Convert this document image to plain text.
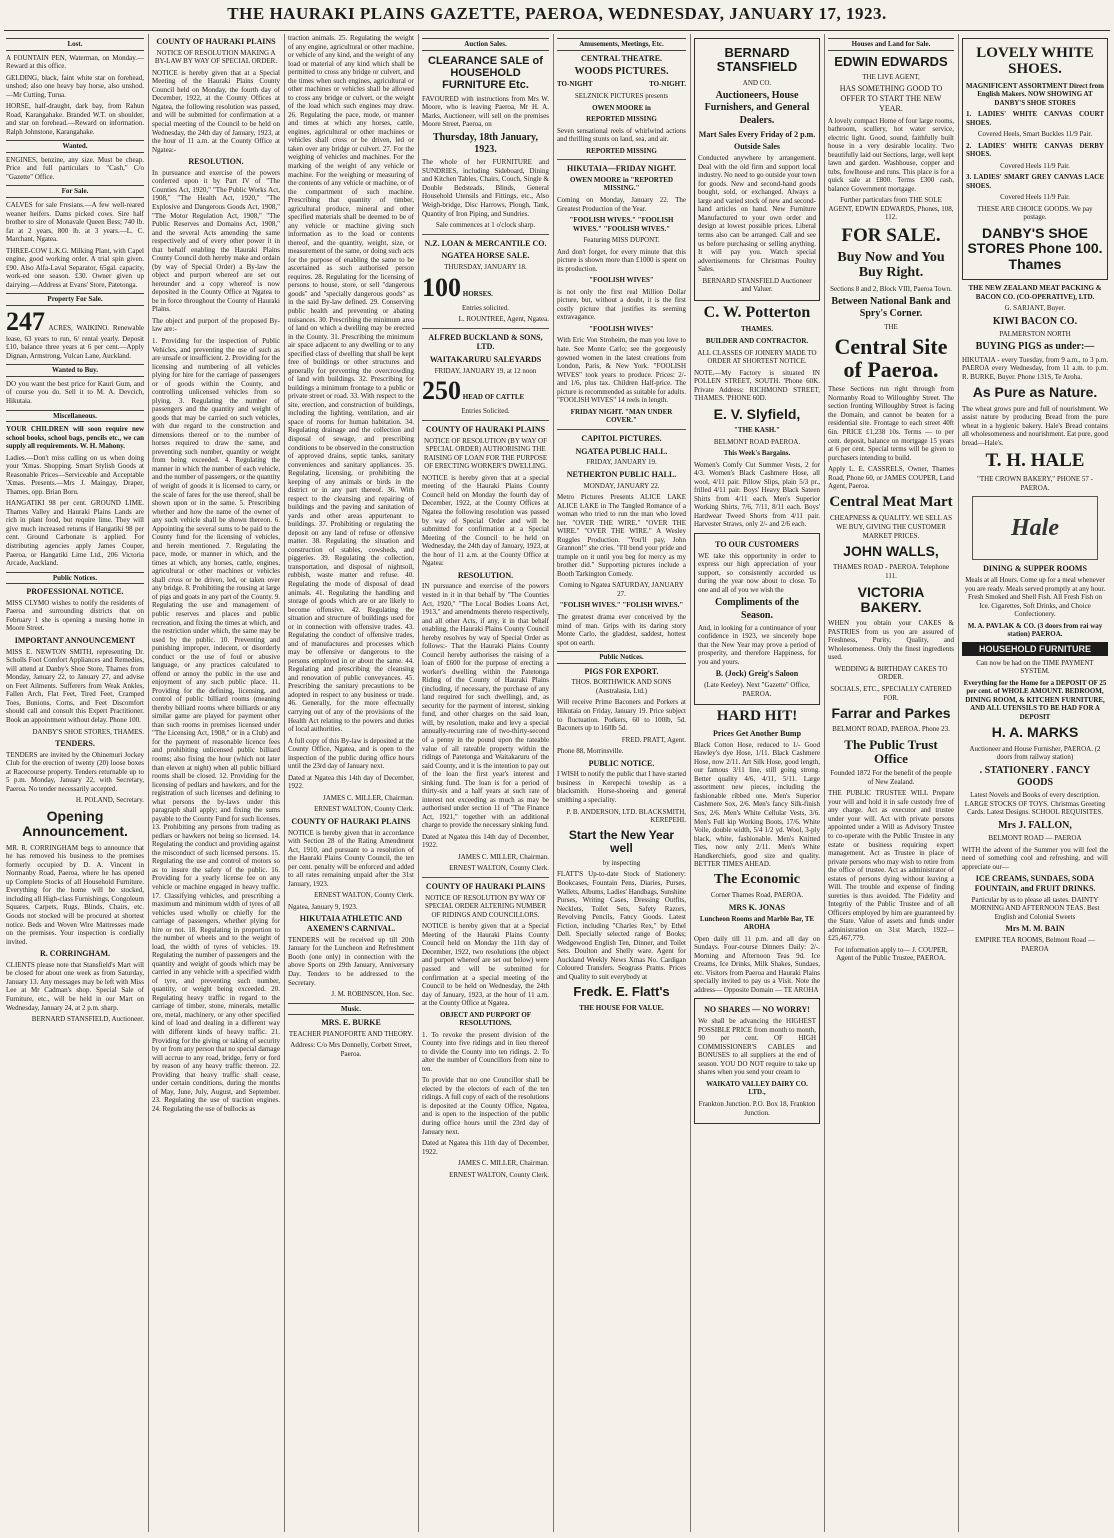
THE HAURAKI PLAINS GAZETTE, PAEROA, WEDNESDAY, JANUARY 17, 1923.
Lost.

A FOUNTAIN PEN, Waterman, on Monday.—Reward at this office.

GELDING, black, faint white star on forehead, unshod; also one heavy bay horse, also unshod.—Mr Cutting, Turua.

HORSE, half-draught, dark bay, from Rahun Road, Karangahake. Branded W.T. on shoulder, and star on forehead.—Reward on information. Ralph Johnstone, Karangahake.

Wanted.

ENGINES, benzine, any size. Must be cheap. Price and full particulars to "Cash," C/o "Gazette" Office.

For Sale.

CALVES for sale Fresians.—A few well-reared weaner heifers. Dams picked cows. Sire half brother to sire of Monavale Queen Bess; 740 lb. fat at 2 years, 800 lb. at 3 years.—L. C. Marchant, Ngatea.

THREE-COW L.K.G. Milking Plant, with Capel engine, good working order. A trial spin given. £90. Also Alfa-Laval Separator, 65gal. capacity, work-ed one season. £30. Owner given up dairying.—Address at Evans' Store, Patetonga.

Property For Sale.

247 ACRES, WAIKINO. Renewable lease, 63 years to run, 6/ rental yearly. Deposit £10, balance three years at 6 per cent.—Apply Dignan, Armstrong, Vulcan Lane, Auckland.

Wanted to Buy.

DO you want the best price for Kauri Gum, and of course you do. Sell it to M. A. Devcich, Hikutaia.

Miscellaneous.

YOUR CHILDREN will soon require new school books, school bags, pencils etc., we can supply all requirements. W. H. Mahony.

Ladies.—Don't miss calling on us when doing your 'Xmas. Shopping. Smart Stylish Goods at Reasonable Prices—Serviceable and Acceptable 'Xmas. Presents.—Mrs J. Maingay, Draper, Thames, opp. Brian Boru.

HANGATIKI 98 per cent. GROUND LIME. Thames Valley and Hauraki Plains Lands are rich in plant food, but require lime. They will give much increased returns if Hangatiki 98 per cent. Ground Carbonate is applied. For distributing agencies apply James Couper, Paeroa, or Hangatiki Lime Ltd., 206 Victoria Arcade, Auckland.

Public Notices.
PROFESSIONAL NOTICE.

MISS CLYMO wishes to notify the residents of Paeroa and surrounding districts that on February 1 she is opening a nursing home in Moore Street.

IMPORTANT ANNOUNCEMENT

MISS E. NEWTON SMITH, representing Dr. Scholls Foot Comfort Appliances and Remedies, will attend at Danby's Shoe Store, Thames from Monday, January 22, to January 27, and advise on Feet Ailments. Sufferers from Weak Ankles, Fallen Arch, Flat Feet, Tired Feet, Cramped Toes, Bunions, Corns, and Feet Discomfort should call and consult this Expert Practitioner. Book an appointment without delay. Phone 100.

DANBY'S SHOE STORES, THAMES.
TENDERS.

TENDERS are invited by the Ohinemuri Jockey Club for the erection of twenty (20) loose boxes at Racecourse property. Tenders returnable up to 5 p.m. Monday, January 22, with Secretary, Paeroa. No tender necessarily accepted.

H. POLAND, Secretary.
Opening Announcement.

MR. R. CORRINGHAM begs to announce that he has removed his business to the premises formerly occupied by D. A. Vincent in Normanby Road, Paeroa, where he has opened up Complete Stocks of all Household Furniture. Everything for the home will be stocked, including all High-class Furnishings, Congoleum Squares, Carpets, Rugs, Blinds, Chairs, etc. Goods not stocked will be procured at shortest notice. Beds and Woven Wire Mattresses made on the premises. Your inspection is cordially invited.

R. CORRINGHAM.

CLIENTS please note that Stansfield's Mart will be closed for about one week as from Saturday, January 13. Any messages may be left with Miss Lee at Mr Cadman's shop. Special Sale of Furniture, etc., will be held in our Mart on Wednesday, January 24, at 2 p.m. sharp.

BERNARD STANSFIELD, Auctioneer.
COUNTY OF HAURAKI PLAINS

NOTICE OF RESOLUTION MAKING A BY-LAW BY WAY OF SPECIAL ORDER.

NOTICE is hereby given that at a Special Meeting of the Hauraki Plains County Council held on Monday, the fourth day of December, 1922, at the County Offices at Ngatea, the following resolution was passed, and will be submitted for confirmation at a special meeting of the Council to be held on Wednesday, the 24th day of January, 1923, at the hour of 11 a.m. at the County Office at Ngatea:-

RESOLUTION.

In pursuance and exercise of the powers conferred upon it by Part IV of "The Counties Act, 1920," "The Public Works Act, 1908," "The Health Act, 1920," "The Explosive and Dangerous Goods Act, 1908," "The Motor Regulation Act, 1908," "The Public Reserves and Domains Act, 1908," and the several Acts amending the same respectively and of every other power it in that behalf enabling the Hauraki Plains County Council doth hereby make and ordain (by way of Special Order) a By-law the object and purport whereof are set out hereunder and a copy whereof is now deposited in the County Office at Ngatea to be in force throughout the County of Hauraki Plains.

The object and purport of the proposed By-law are:-

1. Providing for the inspection of Public Vehicles, and preventing the use of such as are unsafe or insufficient. 2. Providing for the licensing and numbering of all vehicles plying for hire for the carriage of passengers or of goods within the County, and controlling unlicensed vehicles from so plying. 3. Regulating the number of passengers and the quantity and weight of goods that may be carried on such vehicles, with due regard to the construction and dimensions thereof or to the number of horses required to draw the same, and preventing such number, quantity or weight from being exceeded. 4. Regulating the manner in which the number of each vehicle, and the number of passengers, or the quantity of weight of goods it is licensed to carry, or the scale of fares for the use thereof, shall be shown upon or in the same. 5. Prescribing whether and how the name of the owner of any such vehicle shall be shown thereon. 6. Appointing the several sums to be paid to the County fund for the licensing of vehicles, and herein mentioned. 7. Regulating the pace, mode, or manner in which, and the times at which, any horses, cattle, engines, agricultural or other machines or vehicles shall cross or be driven, led, or taken over any bridge. 8. Prohibiting the rousing at large of pigs and goats in any part of the County. 9. Regulating the use and management of public reserves and places and public recreation, and fixing the times at which, and the restriction under which, the same may be used by the public. 10. Preventing and punishing improper, indecent, or disorderly conduct or the use of foul or abusive language, or any practices calculated to offend or annoy the public in the use and enjoyment of any such public place. 11. Providing for the defining, licensing, and control of public billiard rooms (meaning thereby billiard rooms where billiards or any similar game are played for payment other than such rooms in premises licensed under "The Licensing Act, 1908," or in a Club) and for the payment of reasonable licence fees and prohibiting unlicensed public billiard rooms; also fixing the hour (which not later than eleven at night) when all public billiard rooms shall be closed. 12. Providing for the licensing of pedlars and hawkers, and for the registration of such licenses and defining to what persons the by-laws under this paragraph shall apply; and fixing the sums payable to the County Fund for such licenses. 13. Prohibiting any persons from trading as pedlars or hawkers not being so licensed. 14. Regulating the conduct and providing against the misconduct of such licensed persons. 15. Regulating the use and control of motors so as to insure the safety of the public. 16. Providing for a yearly license fee on any vehicle or machine engaged in heavy traffic. 17. Classifying vehicles, and prescribing a maximum and minimum width of tyres of all vehicles used wholly or chiefly for the carriage of passengers, whether plying for hire or not. 18. Regulating in proportion to the number of wheels and to the weight of load, the width of tyres of vehicles. 19. Regulating the number of passengers and the quantity and weight of goods which may be carried in any vehicle with a specified width of tyre, and preventing such number, quantity, or weight being exceeded. 20. Regulating heavy traffic in regard to the carriage of timber, stone, minerals, metallic ore, metal, machinery, or any other specified kind of load and dealing in a different way with different kinds of heavy traffic. 21. Providing for the giving or taking of security by or from any person that no special damage will accrue to any road, bridge, ferry or ford by reason of any heavy traffic thereon. 22. Providing that heavy traffic shall cease, under certain conditions, during the months of May, June, July, August, and September. 23. Regulating the use of traction engines. 24. Regulating the use of bullocks as

traction animals. 25. Regulating the weight of any engine, agricultural or other machine, or vehicle of any kind, and the weight of any load or material of any kind which shall be permitted to cross any bridge or culvert, and the times when such engines, agricultural or other machines or vehicles shall be allowed to cross any bridge or culvert, or the weight of the load which such engines may draw. 26. Regulating the pace, mode, or manner and times at which any horses, cattle, engines, agricultural or other machines or vehicles shall cross or be driven, led or taken over any bridge or culvert. 27. For the weighing of vehicles and machines. For the marking of the weight of any vehicle or machine. For the weighing or measuring of the contents of any vehicle or machine, or of the compartment of such machine. Prescribing that quantity of timber, agricultural produce, mineral and other specified materials shall be deemed to be of any vehicle or machine giving such information as to the load or contents thereof, and the quantity, weight, size, or measurement of the same, or doing such acts for the purpose of enabling the same to be ascertained as such authorised person requires. 28. Regulating for the licensing of persons to house, store, or sell "dangerous goods" and "specially dangerous goods" as in the said By-law defined. 29. Conserving public health and preventing or abating nuisances. 30. Prescribing the minimum area of land on which a dwelling may be erected in the County. 31. Prescribing the minimum air space adjacent to any dwelling or to any specified class of dwelling that shall be kept free of buildings or other structures and generally for preventing the overcrowding of land with buildings. 32. Prescribing for buildings a minimum frontage to a public or private street or road. 33. With respect to the site, erection, and construction of buildings, including the lighting, ventilation, and air space of rooms for human habitation. 34. Regulating drainage and the collection and disposal of sewage, and prescribing conditions to be observed in the construction of approved drains, septic tanks, sanitary conveniences and sanitary appliances. 35. Regulating, licensing, or prohibiting the keeping of any animals or birds in the district or in any part thereof. 36. With respect to the cleansing and repairing of buildings and the paving and sanitation of yards and other areas appurtenant to buildings. 37. Prohibiting or regulating the deposit on any land of refuse or offensive matter. 38. Regulating the situation and construction of stables, cowsheds, and piggeries. 39. Regulating the collection, transportation, and disposal of nightsoil, rubbish, waste matter and refuse. 40. Regulating the mode of disposal of dead animals. 41. Regulating the handling and storage of goods which are or are likely to become offensive. 42. Regulating the situation and structure of buildings used for or in connection with offensive trades. 43. Regulating the conduct of offensive trades, and of manufactures and processes which may be offensive or dangerous to the persons employed in or about the same. 44. Regulating and prescribing the cleansing and renovation of public conveyances. 45. Prescribing the sanitary precautions to be adopted in respect to any business or trade. 46. Generally, for the more effectually carrying out of any of the provisions of the Health Act relating to the powers and duties of local authorities.

A full copy of this By-law is deposited at the County Office, Ngatea, and is open to the inspection of the public during office hours until the 23rd day of January next.

Dated at Ngatea this 14th day of December, 1922.

JAMES C. MILLER, Chairman.
ERNEST WALTON, County Clerk.
COUNTY OF HAURAKI PLAINS

NOTICE is hereby given that in accordance with Section 28 of the Rating Amendment Act, 1910, and pursuant to a resolution of the Hauraki Plains County Council, the ten per cent. penalty will be enforced and added to all rates remaining unpaid after the 31st January, 1923.

ERNEST WALTON, County Clerk.

Ngatea, January 9, 1923.

HIKUTAIA ATHLETIC AND AXEMEN'S CARNIVAL.

TENDERS will be received up till 20th January for the Luncheon and Refreshment Booth (one only) in connection with the above Sports on 29th January, Anniversary Day. Tenders to be addressed to the Secretary.

J. M. ROBINSON, Hon. Sec.
Music.
MRS. E. BURKE

TEACHER PIANOFORTE AND THEORY.

Address: C/o Mrs Donnelly, Corbett Street, Paeroa.

Auction Sales.
CLEARANCE SALE of HOUSEHOLD FURNITURE Etc.

FAVOURED with instructions from Mrs W. Moore, who is leaving Paeroa, Mr H. A. Marks, Auctioneer, will sell on the premises Moore Street, Paeroa, on

Thursday, 18th January, 1923.

The whole of her FURNITURE and SUNDRIES, including Sideboard, Dining and Kitchen Tables, Chairs, Couch, Single & Double Bedsteads, Blinds, General Household Utensils and Fittings, etc., Also Weigh-bridge, Disc Harrows, Plough, Tank, Quantity of Iron Piping, and Sundries.

Sale commences at 1 o'clock sharp.

N.Z. LOAN & MERCANTILE CO.
NGATEA HORSE SALE.

THURSDAY, JANUARY 18.

100 HORSES.

Entries solicited.

L. ROUNTREE, Agent, Ngatea.
ALFRED BUCKLAND & SONS, LTD.
WAITAKARURU SALEYARDS

FRIDAY, JANUARY 19, at 12 noon

250 HEAD OF CATTLE

Entries Solicited.

COUNTY OF HAURAKI PLAINS

NOTICE OF RESOLUTION (BY WAY OF SPECIAL ORDER) AUTHORISING THE RAISING OF LOAN FOR THE PURPOSE OF ERECTING WORKER'S DWELLING.

NOTICE is hereby given that at a special meeting of the Hauraki Plains County Council held on Monday the fourth day of December, 1922, at the County Offices at Ngatea the following resolution was passed by way of Special Order and will be submitted for confirmation at a Special Meeting of the Council to be held on Wednesday, the 24th day of January, 1923, at the hour of 11 a.m. at the County Office at Ngatea:

RESOLUTION.

IN pursuance and exercise of the powers vested in it in that behalf by "The Counties Act, 1920," "The Local Bodies Loans Act, 1913," and amendments thereto respectively, and all other Acts, if any, it in that behalf enabling, the Hauraki Plains County Council hereby resolves by way of Special Order as follows:- That the Hauraki Plains County Council hereby authorises the raising of a loan of £600 for the purpose of erecting a worker's dwelling within the Patetonga Riding of the County of Hauraki Plains (including, if necessary, the purchase of any land required for such dwelling), and, as security for the payment of interest, sinking fund, and other charges on the said loan, will, by resolution, make and levy a special annually-recurring rate of two-thirty-second of a penny in the pound upon the rateable value of all rateable property within the ridings of Patetonga and Waitakaruru of the said County, and it is the intention to pay out of the loan the first year's interest and sinking fund. The loan is for a period of thirty-six and a half years at such rate of interest not exceeding as much as may be authorised under section 11 of "The Finance Act, 1921," together with an additional charge to provide the necessary sinking fund.

Dated at Ngatea this 14th day of December, 1922.

JAMES C. MILLER, Chairman.
ERNEST WALTON, County Clerk.
COUNTY OF HAURAKI PLAINS

NOTICE OF RESOLUTION BY WAY OF SPECIAL ORDER ALTERING NUMBER OF RIDINGS AND COUNCILLORS.

NOTICE is hereby given that at a Special Meeting of the Hauraki Plains County Council held on Monday the 11th day of December, 1922, two resolutions (the object and purport whereof are set out below) were passed and will be submitted for confirmation at a special meeting of the Council to be held on Wednesday, the 24th day of January, 1923, at the hour of 11 a.m. at the County Office at Ngatea.

OBJECT AND PURPORT OF RESOLUTIONS.

1. To revoke the present division of the County into five ridings and in lieu thereof to divide the County into ten ridings. 2. To alter the number of Councillors from nine to ten.

To provide that no one Councillor shall be elected by the electors of each of the ten ridings. A full copy of each of the resolutions is deposited at the County Office, Ngatea, and is open to the inspection of the public during office hours until the 23rd day of January next.

Dated at Ngatea this 11th day of December, 1922.

JAMES C. MILLER, Chairman.
ERNEST WALTON, County Clerk.
Amusements, Meetings, Etc.
CENTRAL THEATRE.
WOODS PICTURES.

TO-NIGHT	TO-NIGHT.

SELZNICK PICTURES presents

OWEN MOORE in

REPORTED MISSING

Seven sensational reels of whirlwind actions and thrilling stunts on land, sea, and air.

REPORTED MISSING

HIKUTAIA—FRIDAY NIGHT.

OWEN MOORE in "REPORTED MISSING."

Coming on Monday, January 22. The Greatest Production of the Year.

"FOOLISH WIVES." "FOOLISH WIVES." "FOOLISH WIVES."

Featuring MISS DUPONT.

And don't forget, for every minute that this picture is shown more than £1000 is spent on its production.

"FOOLISH WIVES"

is not only the first real Million Dollar picture, but, without a doubt, it is the first costly picture that justifies its seeming extravagance.

"FOOLISH WIVES"

With Eric Von Stroheim, the man you love to hate. See Monte Carlo; see the gorgeously gowned women in the latest creations from London, Paris, & New York. "FOOLISH WIVES" took years to produce. Prices: 2/- and 1/6, plus tax. Children Half-price. The picture is recommended as suitable for adults. "FOOLISH WIVES" 14 reels in length.

FRIDAY NIGHT. "MAN UNDER COVER."

CAPITOL PICTURES.
NGATEA PUBLIC HALL.

FRIDAY, JANUARY 19.

NETHERTON PUBLIC HALL.

MONDAY, JANUARY 22.

Metro Pictures Presents ALICE LAKE ALICE LAKE in The Tangled Romance of a woman who tried to run the man who loved her. "OVER THE WIRE." "OVER THE WIRE." "OVER THE WIRE." A Wesley Ruggles Production. "You'll pay, John Grannon!" she cries. "I'll bend your pride and trample on it until you beg for mercy as my brother did." Supporting pictures include a Booth Tarkington Comedy.

Coming to Ngatea SATURDAY, JANUARY 27.

"FOLISH WIVES." "FOLISH WIVES."

The greatest drama ever conceived by the mind of man. Grips with its daring story Monte Carlo, the gladdest, saddest, hottest spot on earth.

Public Notices.
PIGS FOR EXPORT.

THOS. BORTHWICK AND SONS (Australasia, Ltd.)

Will receive Prime Baconers and Porkers at Hikutaia on Friday, January 19. Price subject to fluctuation. Porkers, 60 to 100lb, 5d. Baconers up to 160lb 5d.

FRED. PRATT, Agent.

Phone 88, Morrinsville.

PUBLIC NOTICE.

I WISH to notify the public that I have started business in Kerepechi towship as a blacksmith. Horse-shoeing and general smithing a speciality.

P. B. ANDERSON, LTD. BLACKSMITH, KEREPEHI.
Start the New Year well

by inspecting

FLATT'S Up-to-date Stock of Stationery: Bookcases, Fountain Pens, Diaries, Purses, Wallets, Albums, Ladies' Handbags, Sunshine Purses, Writing Cases, Dressing Outfits, Necklets, Toilet Sets, Safety Razors, Revolving Pencils, Fancy Goods. Latest Fiction, including "Charles Rex," by Ethel Dell. Specially selected range of Books; Wedgewood English Ten, Dinner, and Toilet Sets. Doulton and Shelly ware. Agent for Auckland Weekly News Xmas No. Cardigan Coloured Transfers. Seagrass Prams. Prices and Quality to suit everybody at

Fredk. E. Flatt's

THE HOUSE FOR VALUE.

BERNARD STANSFIELD

AND CO.

Auctioneers, House Furnishers, and General Dealers.
Mart Sales Every Friday of 2 p.m.
Outside Sales

Conducted anywhere by arrangement. Deal with the old firm and support local industry. No need to go outside your town for goods. New and second-hand goods bought, sold, or exchanged. Always a large and varied stock of new and second-hand articles on hand. New Furniture Manufactured to your own order and design at lowest possible prices. Liberal terms also can be arranged. Call and see us before purchasing or selling anything. It will pay you. Watch special advertisements for Christmas Poultry Sales.

BERNARD STANSFIELD Auctioneer and Valuer.

C. W. Potterton

THAMES.

BUILDER AND CONTRACTOR.

ALL CLASSES OF JOINERY MADE TO ORDER AT SHORTEST NOTICE.

NOTE.—My Factory is situated IN POLLEN STREET, SOUTH. 'Phone 60K. Private Address: RICHMOND STREET, THAMES. 'PHONE 60D.

E. V. Slyfield,

"THE KASH."

BELMONT ROAD PAEROA.

This Week's Bargains.

Women's Comfy Cut Summer Vests, 2 for 4/3. Women's Black Cashmere Hose, all wool, 4/11 pair. Pillow Slips, plain 5/3 pr., frilled 4/11 pair. Boys' Heavy Black Sateen Shirts from 4/11 each. Men's Superior Working Shirts, 7/6, 7/11, 8/11 each. Boys' Hardwear Tweed Shorts from 4/11 pair. Harvester Straws, only 2/- and 2/6 each.

TO OUR CUSTOMERS

WE take this opportunity in order to express our high appreciation of your support, so consistently accorded us during the year now about to close. To one and all of you we wish the

Compliments of the Season.

And, in looking for a continuance of your confidence in 1923, we sincerely hope that the New Year may prove a period of prosperity, and therefore Happiness, for you and yours.

B. (Jock) Greig's Saloon

(Late Keeley). Next "Gazette" Office, PAEROA.

HARD HIT!
Prices Get Another Bump

Black Cotton Hose, reduced to 1/- Good Hawley's dye Hose, 1/11. Black Cashmere Hose, now 2/11. Art Silk Hose, good length, our famous 3/11 line, still going strong. Better quality 4/6, 4/11, 5/11. Large assortment new pieces, including the fashionable ribbed one. Men's Superior Cashmere Sox, 2/6. Men's fancy Silk-finish Sox, 2/6. Men's White Cellular Vests, 3/6. Men's Full kip Working Boots, 17/6. White Voile, double width, 5/4 1/2 yd. Wool, 3-ply black, white, fashionable. Men's Knitted Ties, now only 2/11. Men's White Handkerchiefs, good size and quality. BETTER TIMES AHEAD.

The Economic

Corner Thames Road, PAEROA.

MRS K. JONAS

Luncheon Rooms and Marble Bar, TE AROHA

Open daily till 11 p.m. and all day on Sundays. Four-course Dinners Daily: 2/-. Morning and Afternoon Teas 9d. Ice Creams, Ice Drinks, Milk Shakes, Sundaes, etc. Visitors from Paeroa and Hauraki Plains specially invited to pay us a Visit. Note the address— Opposite Domain — TE AROHA

NO SHARES — NO WORRY!

We shall be advancing the HIGHEST POSSIBLE PRICE from month to month, 90 per cent. OF HIGH COMMISSIONER'S CABLES and BONUSES to all suppliers at the end of season. YOU DO NOT require to take up shares when you send your cream to

WAIKATO VALLEY DAIRY CO. LTD.,

Frankton Junction. P.O. Box 18, Frankton Junction.

Houses and Land for Sale.
EDWIN EDWARDS

THE LIVE AGENT,

HAS SOMETHING GOOD TO OFFER TO START THE NEW YEAR.

A lovely compact Home of four large rooms, bathroom, scullery, hot water service, electric light. Good, sound, faithfully built house in a very desirable locality. Two beautifully laid out Sections, large, well kept lawn and garden. Washhouse, copper and tubs, fowlhouse and runs. This place is for a quick sale at £800. Terms £300 cash, balance Government mortgage.

Further particulars from THE SOLE AGENT, EDWIN EDWARDS, Phones, 108, 112.

FOR SALE.
Buy Now and You Buy Right.

Sections 8 and 2, Block VIII, Paeroa Town.

Between National Bank and Spry's Corner.

THE

Central Site of Paeroa.

These Sections run right through from Normanby Road to Willoughby Street. The section fronting Willoughby Street is facing the Domain, and cannot be beaten for a residential site. Frontage to each street 40ft 6in. PRICE £1,238 10s. Terms — to per cent. deposit, balance on mortgage 15 years at 6 per cent. Special terms will be given to purchasers intending to build.

Apply L. E. CASSRELS, Owner, Thames Road, Phone 60, or JAMES COUPER, Land Agent, Paeroa.

Central Meat Mart

CHEAPNESS & QUALITY. WE SELL AS WE BUY, GIVING THE CUSTOMER MARKET PRICES.

JOHN WALLS,

THAMES ROAD - PAEROA. Telephone 111.

VICTORIA BAKERY.

WHEN you obtain your CAKES & PASTRIES from us you are assured of Freshness, Purity, Quality, and Wholesomeness. Only the finest ingredients used.

WEDDING & BIRTHDAY CAKES TO ORDER.

SOCIALS, ETC., SPECIALLY CATERED FOR.

Farrar and Parkes

BELMONT ROAD, PAEROA. Phone 23.

The Public Trust Office

Founded 1872 For the benefit of the people of New Zealand.

THE PUBLIC TRUSTEE WILL Prepare your will and hold it in safe custody free of any charge. Act as executor and trustee under your will. Act with private persons appointed under a Will as Advisory Trustee to co-operate with the Public Trustee in any estate or business requiring expert management. Act as Trustee in place of private persons who may wish to retire from the office of trustee. Act as administrator of estates of persons dying without leaving a Will. The trouble and expense of finding sureties is thus avoided. The Fidelity and Integrity of the Public Trustee and of all Officers employed by him are guaranteed by the State. Value of assets and funds under administration on 31st March, 1922—£25,467,779.

For information apply to— J. COUPER, Agent of the Public Trustee, PAEROA.

LOVELY WHITE SHOES.

MAGNIFICENT ASSORTMENT Direct from English Makers. NOW SHOWING AT DANBY'S SHOE STORES

1. LADIES' WHITE CANVAS COURT SHOES.

Covered Heels, Smart Buckles 11/9 Pair.

2. LADIES' WHITE CANVAS DERBY SHOES.

Covered Heels 11/9 Pair.

3. LADIES' SMART GREY CANVAS LACE SHOES.

Covered Heels 11/9 Pair.

THESE ARE CHOICE GOODS. We pay postage.

DANBY'S SHOE STORES Phone 100. Thames

THE NEW ZEALAND MEAT PACKING & BACON CO. (CO-OPERATIVE), LTD.

G. SARJANT, Buyer.

KIWI BACON CO.

PALMERSTON NORTH

BUYING PIGS as under:—

HIKUTAIA - every Tuesday, from 9 a.m., to 3 p.m. PAEROA every Wednesday, from 11 a.m. to p.m. R. BURKE, Buyer. Phone 131S, Te Aroha.

As Pure as Nature.

The wheat grows pure and full of nourishment. We assist nature by producing Bread from the pure wheat in a hygienic bakery. Hale's Bread contains all wholesomeness and nourishment. Eat pure, good bread—Hale's.

T. H. HALE

"THE CROWN BAKERY," PHONE 57 - PAEROA.

Hale
DINING & SUPPER ROOMS

Meals at all Hours. Come up for a meal whenever you are ready. Meals served promptly at any hour. Fresh Smoked and Shell Fish. All Fresh Fish on Ice. Cigarettes, Soft Drinks, and Choice Confectionery.

M. A. PAVLAK & CO. (3 doors from rai way station) PAEROA.

HOUSEHOLD FURNITURE

Can now be had on the TIME PAYMENT SYSTEM.

Everything for the Home for a DEPOSIT OF 25 per cent. of WHOLE AMOUNT. BEDROOM, DINING ROOM, & KITCHEN FURNITURE, AND ALL UTENSILS TO BE HAD FOR A DEPOSIT

H. A. MARKS

Auctioneer and House Furnisher, PAEROA. (2 doors from railway station)

. STATIONERY . FANCY GOODS

Latest Novels and Books of every description. LARGE STOCKS OF TOYS. Christmas Greeting Cards. Latest Designs. SCHOOL REQUISITES.

Mrs J. FALLON,

BELMONT ROAD — PAEROA

WITH the advent of the Summer you will feel the need of something cool and refreshing, and will appreciate our—

ICE CREAMS, SUNDAES, SODA FOUNTAIN, and FRUIT DRINKS.

Particular by us to please all tastes. DAINTY MORNING AND AFTERNOON TEAS. Best English and Colonial Sweets

Mrs M. M. BAIN

EMPIRE TEA ROOMS, Belmont Road — PAEROA
